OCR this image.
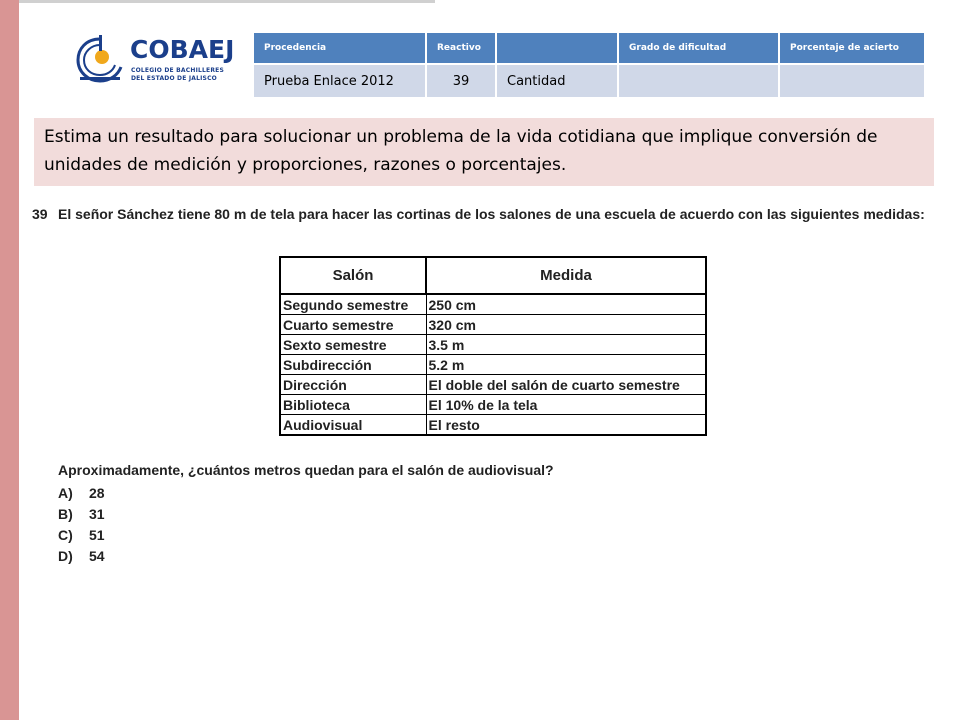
COBAEJ
COLEGIO DE BACHILLERES
DEL ESTADO DE JALISCO
Procedencia	Reactivo		Grado de dificultad	Porcentaje de acierto
Prueba Enlace 2012	39	Cantidad		
Estima un resultado para solucionar un problema de la vida cotidiana que implique conversión de unidades de medición y proporciones, razones o porcentajes.
39 El señor Sánchez tiene 80 m de tela para hacer las cortinas de los salones de una escuela de acuerdo con las siguientes medidas:
Salón	Medida
Segundo semestre	250 cm
Cuarto semestre	320 cm
Sexto semestre	3.5 m
Subdirección	5.2 m
Dirección	El doble del salón de cuarto semestre
Biblioteca	El 10% de la tela
Audiovisual	El resto
Aproximadamente, ¿cuántos metros quedan para el salón de audiovisual?
A) 28
B) 31
C) 51
D) 54
